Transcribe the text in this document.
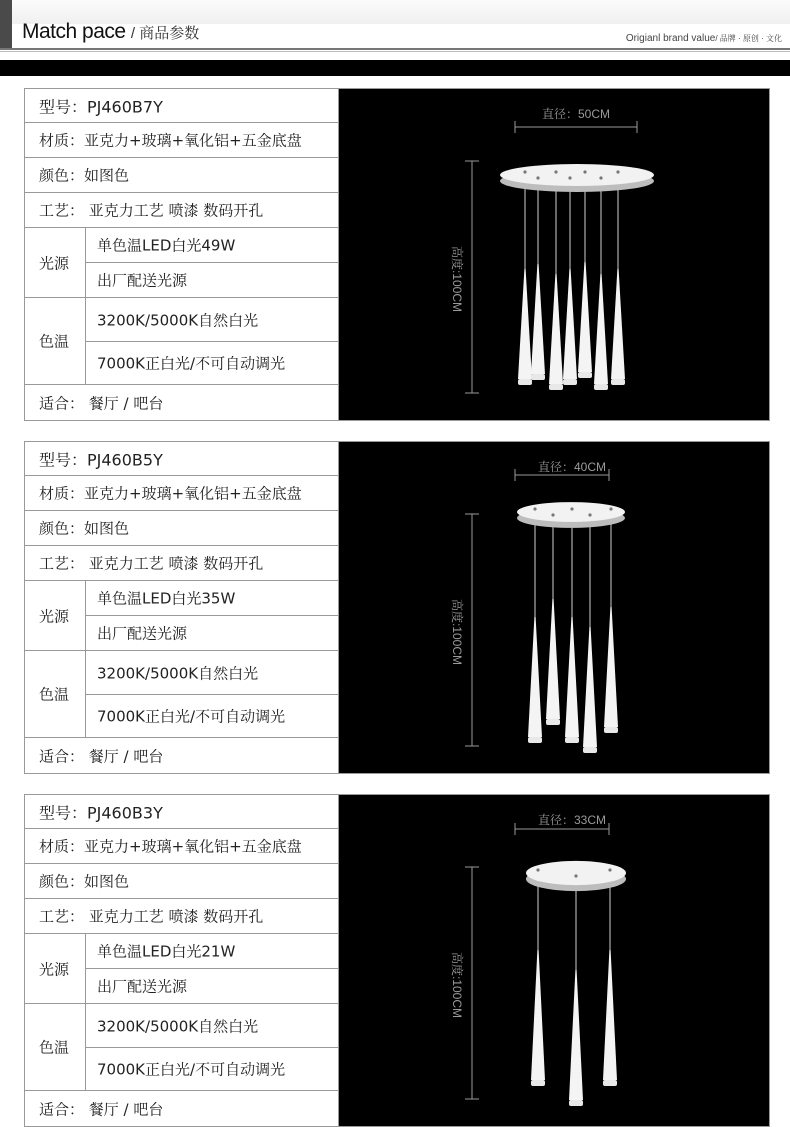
Match pace / 商品参数	Origianl brand value/ 品牌 · 原创 · 文化
型号：PJ460B7Y
材质：亚克力+玻璃+氧化铝+五金底盘
颜色：如图色
工艺： 亚克力工艺 喷漆 数码开孔
光源
单色温LED白光49W
出厂配送光源
色温
3200K/5000K自然白光
7000K正白光/不可自动调光
适合： 餐厅 / 吧台
直径：50CM
高度:100CM
型号：PJ460B5Y
材质：亚克力+玻璃+氧化铝+五金底盘
颜色：如图色
工艺： 亚克力工艺 喷漆 数码开孔
光源
单色温LED白光35W
出厂配送光源
色温
3200K/5000K自然白光
7000K正白光/不可自动调光
适合： 餐厅 / 吧台
直径：40CM
高度:100CM
型号：PJ460B3Y
材质：亚克力+玻璃+氧化铝+五金底盘
颜色：如图色
工艺： 亚克力工艺 喷漆 数码开孔
光源
单色温LED白光21W
出厂配送光源
色温
3200K/5000K自然白光
7000K正白光/不可自动调光
适合： 餐厅 / 吧台
直径：33CM
高度:100CM
